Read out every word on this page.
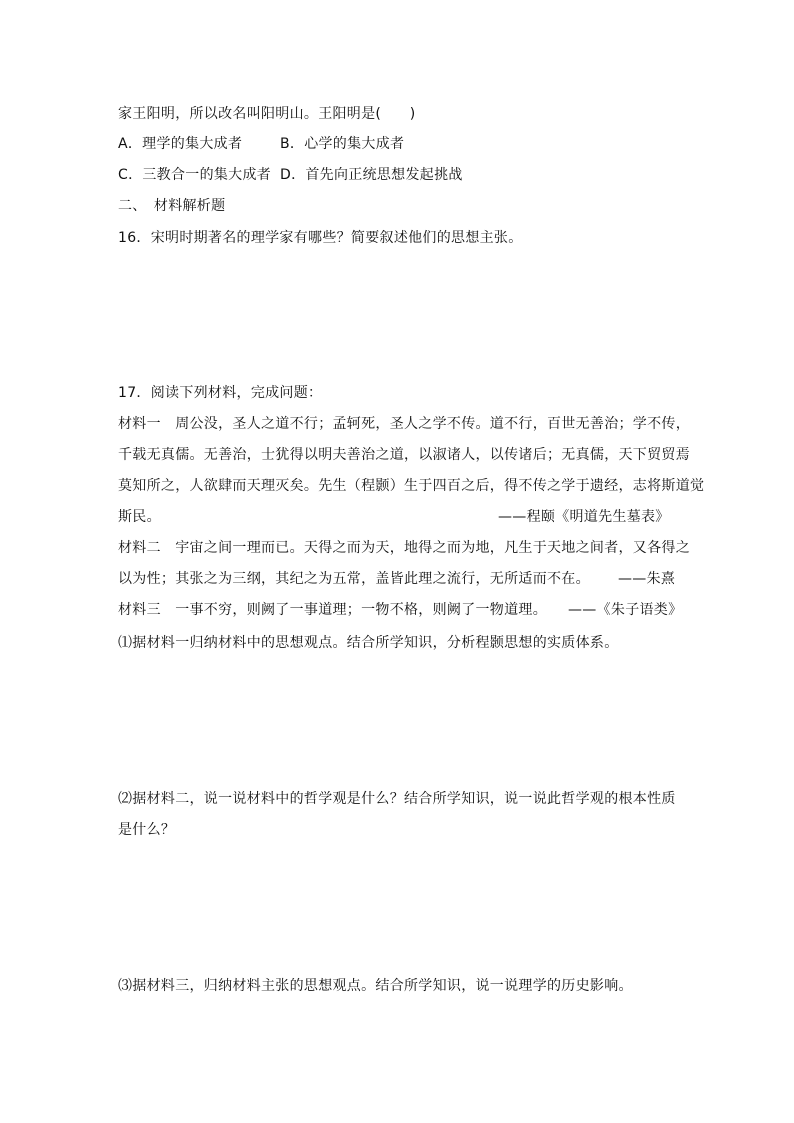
家王阳明，所以改名叫阳明山。王阳明是(　　)
A．理学的集大成者	B．心学的集大成者
C．三教合一的集大成者 D．首先向正统思想发起挑战
二、　材料解析题
16．宋明时期著名的理学家有哪些？简要叙述他们的思想主张。
17．阅读下列材料，完成问题：
材料一　周公没，圣人之道不行；孟轲死，圣人之学不传。道不行，百世无善治；学不传，
千载无真儒。无善治，士犹得以明夫善治之道，以淑诸人，以传诸后；无真儒，天下贸贸焉
莫知所之，人欲肆而天理灭矣。先生（程颢）生于四百之后，得不传之学于遗经，志将斯道觉
斯民。	——程颐《明道先生墓表》
材料二　宇宙之间一理而已。天得之而为天，地得之而为地，凡生于天地之间者，又各得之
以为性；其张之为三纲，其纪之为五常，盖皆此理之流行，无所适而不在。 ——朱熹
材料三　一事不穷，则阙了一事道理；一物不格，则阙了一物道理。 ——《朱子语类》
⑴据材料一归纳材料中的思想观点。结合所学知识，分析程颢思想的实质体系。
⑵据材料二，说一说材料中的哲学观是什么？结合所学知识，说一说此哲学观的根本性质
是什么？
⑶据材料三，归纳材料主张的思想观点。结合所学知识，说一说理学的历史影响。
